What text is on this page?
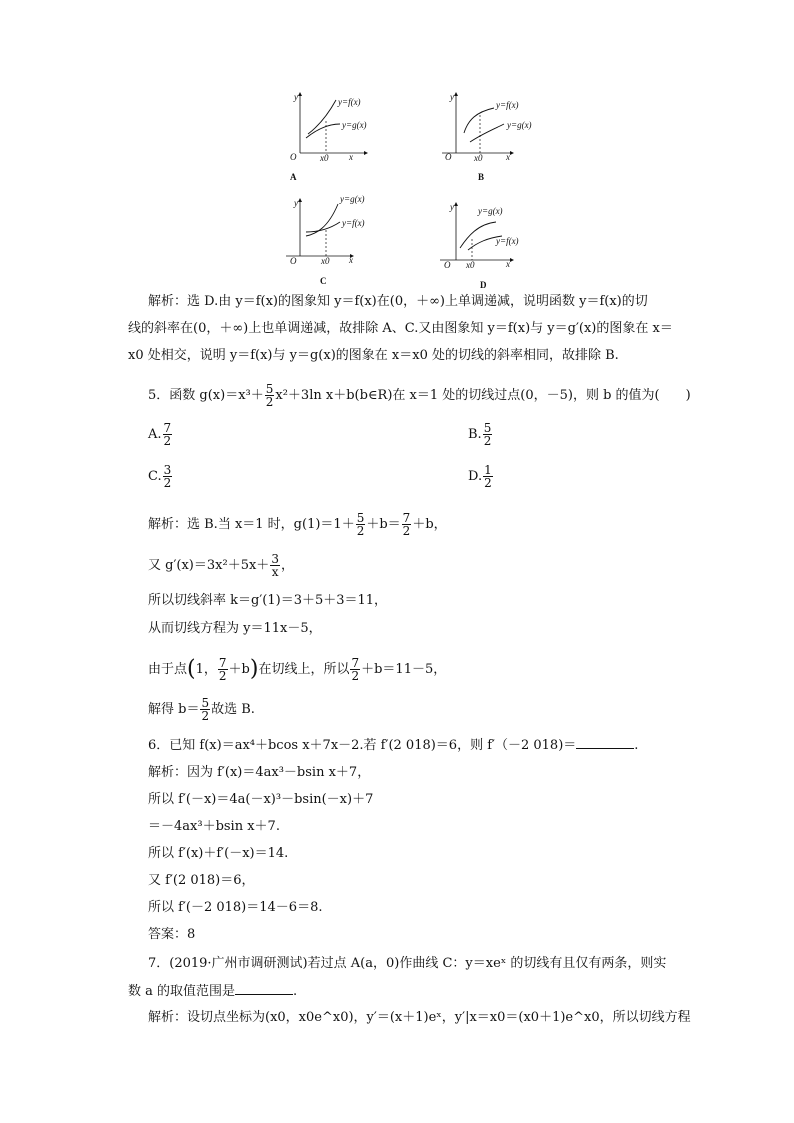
y
O	x
x0
y=f(x)
y=g(x)
A
y
O	x
x0
y=f(x)
y=g(x)
B
y
O	x
x0
y=g(x)
y=f(x)
C
y
O	x
x0
y=g(x)
y=f(x)
D
解析：选 D.由 y＝f(x)的图象知 y＝f(x)在(0，＋∞)上单调递减，说明函数 y＝f(x)的切
线的斜率在(0，＋∞)上也单调递减，故排除 A、C.又由图象知 y＝f(x)与 y＝g′(x)的图象在 x＝
x0 处相交，说明 y＝f(x)与 y＝g(x)的图象在 x＝x0 处的切线的斜率相同，故排除 B.
5．函数 $g(x)=x^3+ \frac{5}{2} x^2+3\ln$ x＋b(b∈R)在 x＝1 处的切线过点(0，－5)，则 b 的值为(　　)
A. $\frac{7}{2}$	B. $\frac{5}{2}$
C. $\frac{3}{2}$	D. $\frac{1}{2}$
解析：选 B.当 x＝1 时，$g(1)=1+ \frac{5}{2} +b= \frac{7}{2} +b$，
又 $g'(x)=3x^2+5x+ \frac{3}{x}$ ，
所以切线斜率 k＝g′(1)＝3＋5＋3＝11，
从而切线方程为 y＝11x－5，
由于点(1， $\frac{7}{2} +b$)在切线上，所以 $\frac{7}{2} +b=11-5$，
解得 $b= \frac{5}{2}$ 故选 B.
6．已知 f(x)＝ax⁴＋bcos x＋7x－2.若 f′(2 018)＝6，则 f′（－2 018)＝	.
解析：因为 f′(x)＝4ax³－bsin x＋7，
所以 f′(－x)＝4a(－x)³－bsin(－x)＋7
＝－4ax³＋bsin x＋7.
所以 f′(x)＋f′(－x)＝14.
又 f′(2 018)＝6，
所以 f′(－2 018)＝14－6＝8.
答案：8
7．(2019·广州市调研测试)若过点 A(a，0)作曲线 C：y＝xeˣ 的切线有且仅有两条，则实
数 a 的取值范围是	.
解析：设切点坐标为(x0，x0e^x0)，y′＝(x＋1)eˣ，y′|x＝x0＝(x0＋1)e^x0，所以切线方程
